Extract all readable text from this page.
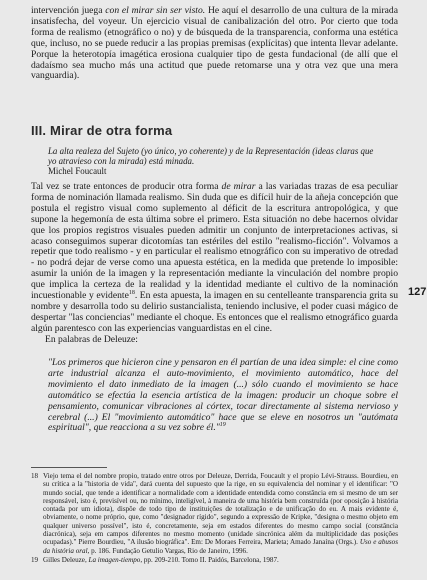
intervención juega con el mirar sin ser visto. He aquí el desarrollo de una cultura de la mirada insatisfecha, del voyeur. Un ejercicio visual de canibalización del otro. Por cierto que toda forma de realismo (etnográfico o no) y de búsqueda de la transparencia, conforma una estética que, incluso, no se puede reducir a las propias premisas (explícitas) que intenta llevar adelante. Porque la heterotopía imagética erosiona cualquier tipo de gesta fundacional (de allí que el dadaísmo sea mucho más una actitud que puede retomarse una y otra vez que una mera vanguardia).

III. Mirar de otra forma
La alta realeza del Sujeto (yo único, yo coherente) y de la Representación (ideas claras que yo atravieso con la mirada) está minada.
Michel Foucault

Tal vez se trate entonces de producir otra forma de mirar a las variadas trazas de esa peculiar forma de nominación llamada realismo. Sin duda que es difícil huir de la añeja concepción que postula el registro visual como suplemento al déficit de la escritura antropológica, y que supone la hegemonía de esta última sobre el primero. Esta situación no debe hacernos olvidar que los propios registros visuales pueden admitir un conjunto de interpretaciones activas, si acaso conseguimos superar dicotomías tan estériles del estilo "realismo-ficción". Volvamos a repetir que todo realismo - y en particular el realismo etnográfico con su imperativo de otredad - no podrá dejar de verse como una apuesta estética, en la medida que pretende lo imposible: asumir la unión de la imagen y la representación mediante la vinculación del nombre propio que implica la certeza de la realidad y la identidad mediante el cultivo de la nominación incuestionable y evidente$^{18}$. En esta apuesta, la imagen en su centelleante transparencia grita su nombre y desarrolla todo su delirio sustancialista, teniendo inclusive, el poder cuasi mágico de despertar "las conciencias" mediante el choque. Es entonces que el realismo etnográfico guarda algún parentesco con las experiencias vanguardistas en el cine.

En palabras de Deleuze:

"Los primeros que hicieron cine y pensaron en él partían de una idea simple: el cine como arte industrial alcanza el auto-movimiento, el movimiento automático, hace del movimiento el dato inmediato de la imagen (...) sólo cuando el movimiento se hace automático se efectúa la esencia artística de la imagen: producir un choque sobre el pensamiento, comunicar vibraciones al córtex, tocar directamente al sistema nervioso y cerebral (...) El "movimiento automático" hace que se eleve en nosotros un "autómata espiritual", que reacciona a su vez sobre él."$^{19}$
127
18 Viejo tema el del nombre propio, tratado entre otros por Deleuze, Derrida, Foucault y el propio Lévi-Strauss. Bourdieu, en su crítica a la "historia de vida", dará cuenta del supuesto que la rige, en su equivalencia del nominar y el identificar: "O mundo social, que tende a identificar a normalidade com a identidade entendida como constância em si mesmo de um ser responsável, isto é, previsível ou, no mínimo, inteligível, à maneira de uma história bem construída (por oposição à história contada por um idiota), dispõe de todo tipo de instituições de totalização e de unificação do eu. A mais evidente é, obviamente, o nome próprio, que, como "designador rígido", segundo a expressão de Kripke, "designa o mesmo objeto em qualquer universo possível", isto é, concretamente, seja em estados diferentes do mesmo campo social (constância diacrónica), seja em campos diferentes no mesmo momento (unidade sincrónica além da multiplicidade das posições ocupadas)." Pierre Bourdieu, "A ilusão biográfica". Em: De Moraes Ferreira, Marieta; Amado Janaína (Orgs.). Uso e abusos da história oral, p. 186. Fundação Getulio Vargas, Rio de Janeiro, 1996.
19 Gilles Deleuze, La imagen-tiempo, pp. 209-210. Tomo II. Paidós, Barcelona, 1987.
